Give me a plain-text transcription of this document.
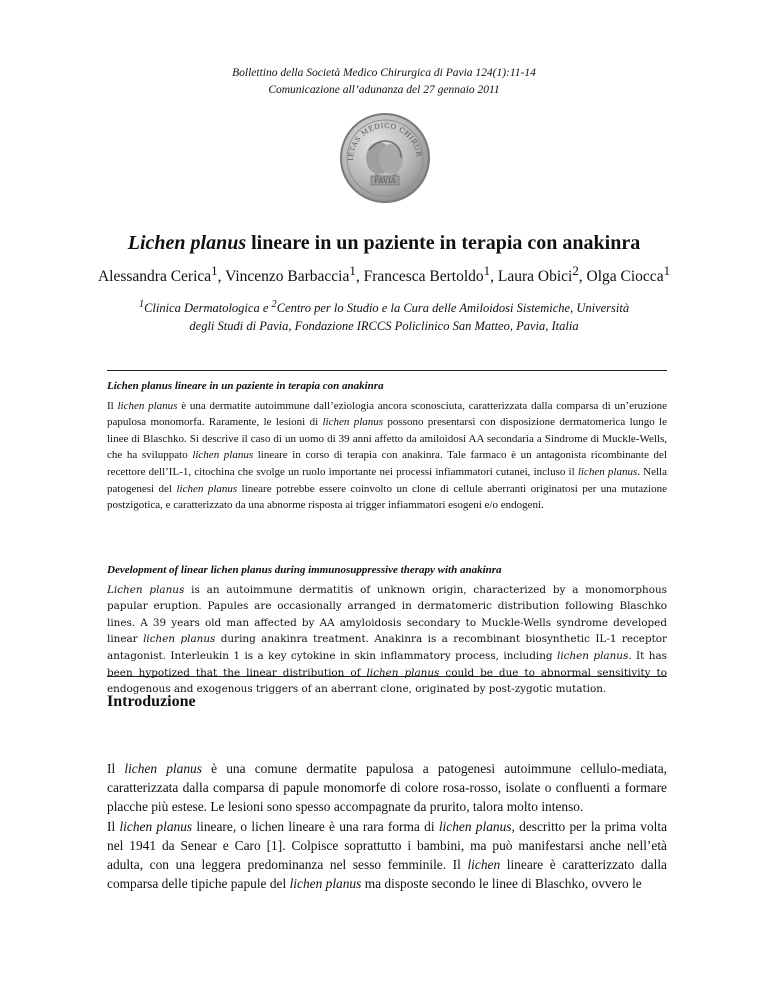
Bollettino della Società Medico Chirurgica di Pavia 124(1):11-14
Comunicazione all’adunanza del 27 gennaio 2011
IETAS MEDICO CHIRUR
PAVIA
Lichen planus lineare in un paziente in terapia con anakinra
Alessandra Cerica$^1$, Vincenzo Barbaccia$^1$, Francesca Bertoldo$^1$, Laura Obici$^2$, Olga Ciocca$^1$
$^1$Clinica Dermatologica e $^2$Centro per lo Studio e la Cura delle Amiloidosi Sistemiche, Università
degli Studi di Pavia, Fondazione IRCCS Policlinico San Matteo, Pavia, Italia
Lichen planus lineare in un paziente in terapia con anakinra
Il lichen planus è una dermatite autoimmune dall’eziologia ancora sconosciuta, caratterizzata dalla comparsa di un’eruzione papulosa monomorfa. Raramente, le lesioni di lichen planus possono presentarsi con disposizione dermatomerica lungo le linee di Blaschko. Si descrive il caso di un uomo di 39 anni affetto da amiloidosi AA secondaria a Sindrome di Muckle-Wells, che ha sviluppato lichen planus lineare in corso di terapia con anakinra. Tale farmaco è un antagonista ricombinante del recettore dell’IL-1, citochina che svolge un ruolo importante nei processi infiammatori cutanei, incluso il lichen planus. Nella patogenesi del lichen planus lineare potrebbe essere coinvolto un clone di cellule aberranti originatosi per una mutazione postzigotica, e caratterizzato da una abnorme risposta ai trigger infiammatori esogeni e/o endogeni.
Development of linear lichen planus during immunosuppressive therapy with anakinra
Lichen planus is an autoimmune dermatitis of unknown origin, characterized by a monomorphous papular eruption. Papules are occasionally arranged in dermatomeric distribution following Blaschko lines. A 39 years old man affected by AA amyloidosis secondary to Muckle-Wells syndrome developed linear lichen planus during anakinra treatment. Anakinra is a recombinant biosynthetic IL-1 receptor antagonist. Interleukin 1 is a key cytokine in skin inflammatory process, including lichen planus. It has been hypotized that the linear distribution of lichen planus could be due to abnormal sensitivity to endogenous and exogenous triggers of an aberrant clone, originated by post-zygotic mutation.
Introduzione

Il lichen planus è una comune dermatite papulosa a patogenesi autoimmune cellulo-mediata, caratterizzata dalla comparsa di papule monomorfe di colore rosa-rosso, isolate o confluenti a formare placche più estese. Le lesioni sono spesso accompagnate da prurito, talora molto intenso.

Il lichen planus lineare, o lichen lineare è una rara forma di lichen planus, descritto per la prima volta nel 1941 da Senear e Caro [1]. Colpisce soprattutto i bambini, ma può manifestarsi anche nell’età adulta, con una leggera predominanza nel sesso femminile. Il lichen lineare è caratterizzato dalla comparsa delle tipiche papule del lichen planus ma disposte secondo le linee di Blaschko, ovvero le
